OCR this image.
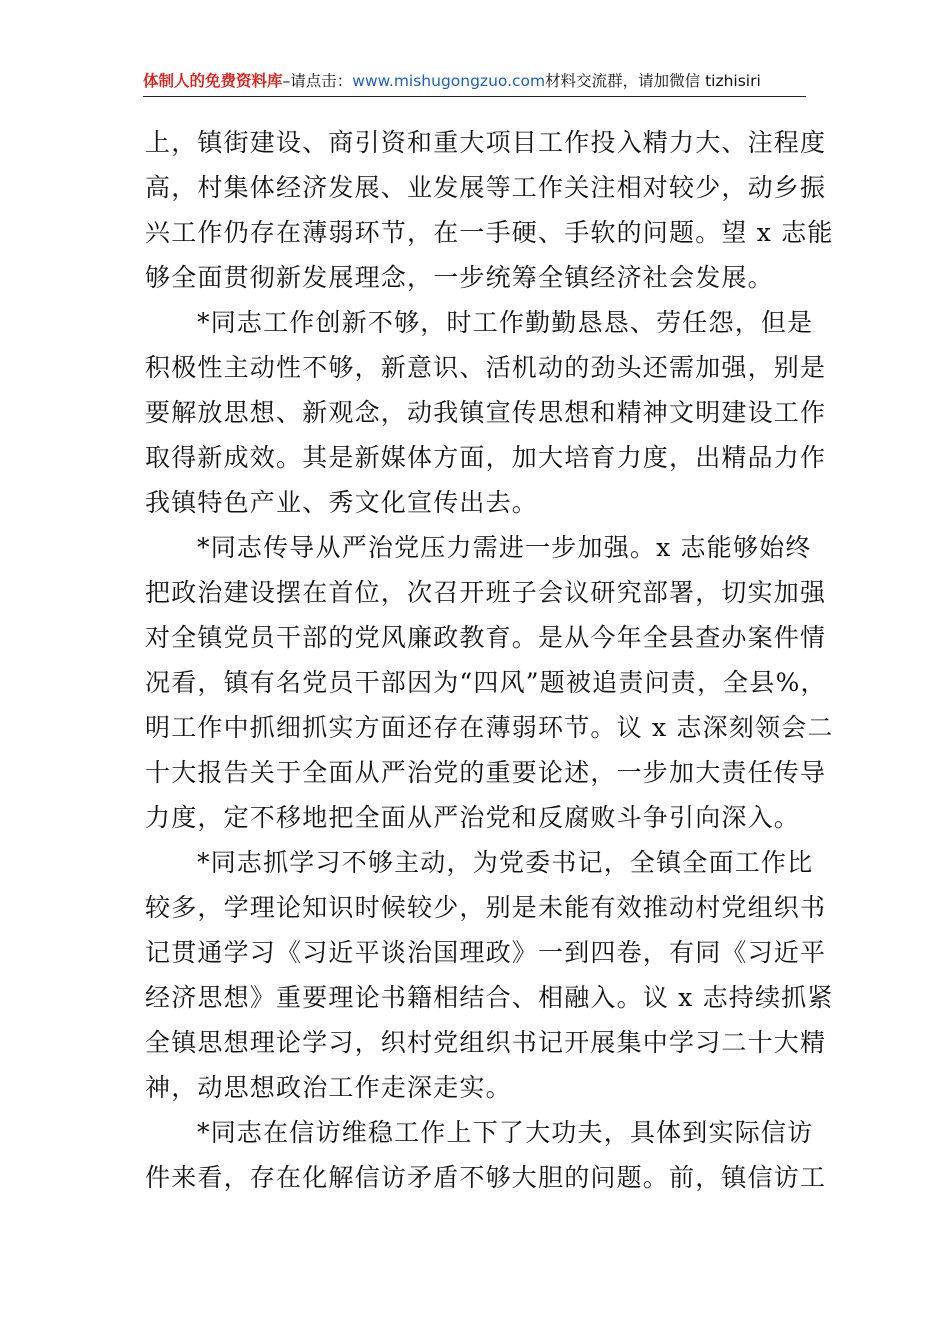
体制人的免费资料库–请点击：www.mishugongzuo.com材料交流群，请加微信 tizhisiri
上，镇街建设、商引资和重大项目工作投入精力大、注程度
高，村集体经济发展、业发展等工作关注相对较少，动乡振
兴工作仍存在薄弱环节，在一手硬、手软的问题。望 x 志能
够全面贯彻新发展理念，一步统筹全镇经济社会发展。
*同志工作创新不够，时工作勤勤恳恳、劳任怨，但是
积极性主动性不够，新意识、活机动的劲头还需加强，别是
要解放思想、新观念，动我镇宣传思想和精神文明建设工作
取得新成效。其是新媒体方面，加大培育力度，出精品力作
我镇特色产业、秀文化宣传出去。
*同志传导从严治党压力需进一步加强。x 志能够始终
把政治建设摆在首位，次召开班子会议研究部署，切实加强
对全镇党员干部的党风廉政教育。是从今年全县查办案件情
况看，镇有名党员干部因为“四风”题被追责问责，全县%，
明工作中抓细抓实方面还存在薄弱环节。议 x 志深刻领会二
十大报告关于全面从严治党的重要论述，一步加大责任传导
力度，定不移地把全面从严治党和反腐败斗争引向深入。
*同志抓学习不够主动，为党委书记，全镇全面工作比
较多，学理论知识时候较少，别是未能有效推动村党组织书
记贯通学习《习近平谈治国理政》一到四卷，有同《习近平
经济思想》重要理论书籍相结合、相融入。议 x 志持续抓紧
全镇思想理论学习，织村党组织书记开展集中学习二十大精
神，动思想政治工作走深走实。
*同志在信访维稳工作上下了大功夫，具体到实际信访
件来看，存在化解信访矛盾不够大胆的问题。前，镇信访工
